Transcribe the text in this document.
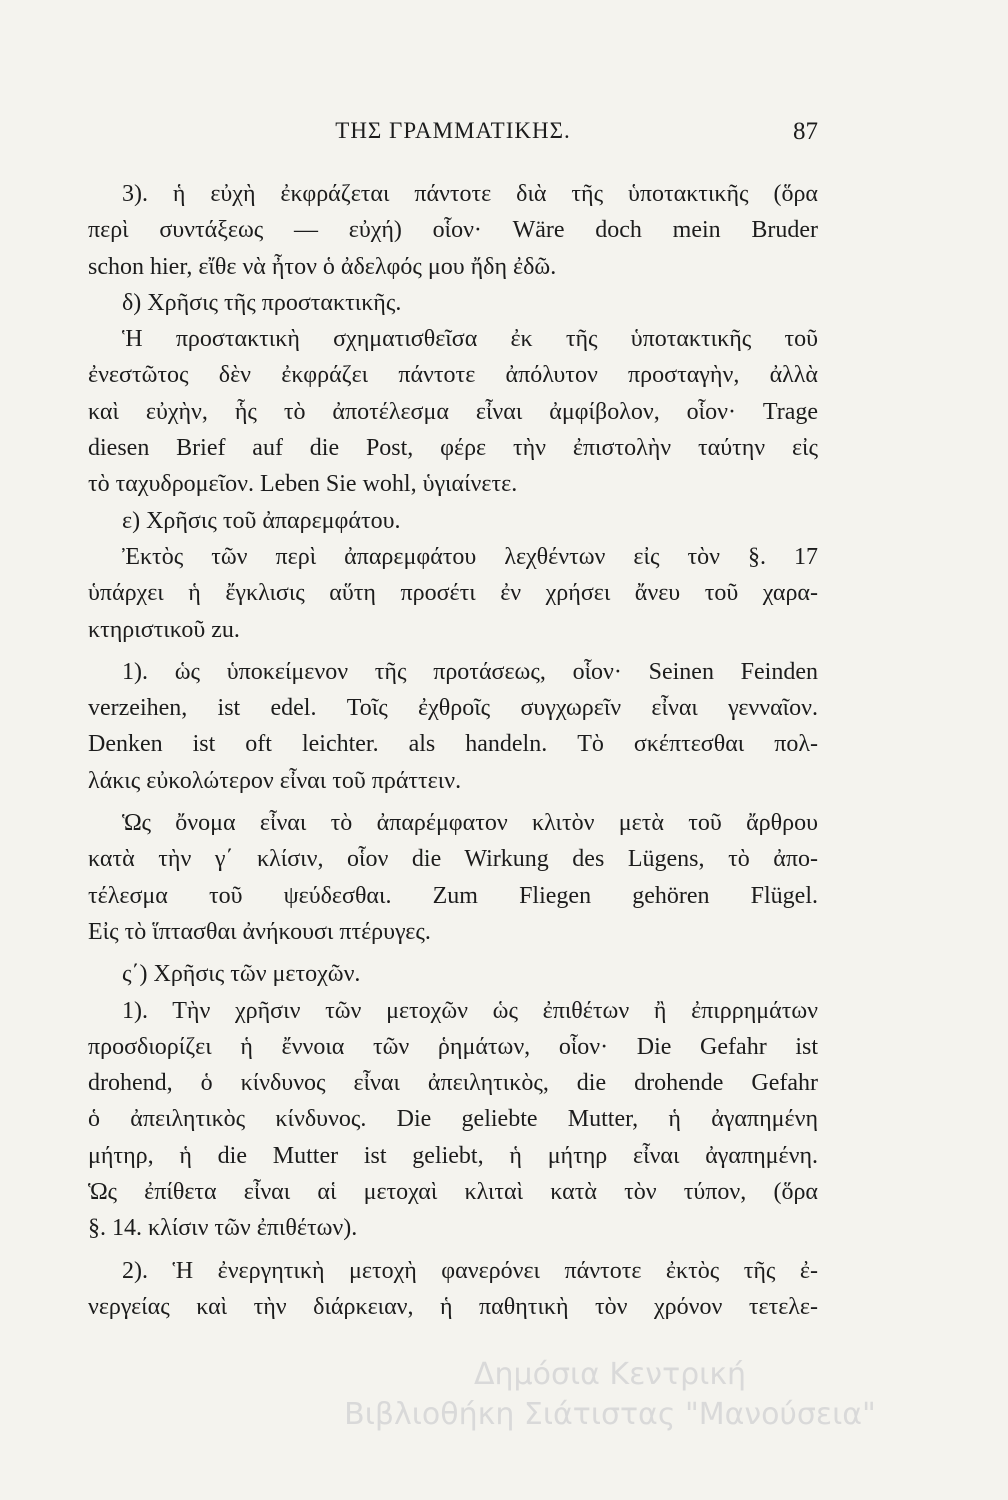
ΤΗΣ ΓΡΑΜΜΑΤΙΚΗΣ.	87
3). ἡ εὐχὴ ἐκφράζεται πάντοτε διὰ τῆς ὑποτακτικῆς (ὅρα
περὶ συντάξεως — εὐχή) οἷον· Wäre doch mein Bruder
schon hier, εἴθε νὰ ἦτον ὁ ἀδελφός μου ἤδη ἐδῶ.
δ) Χρῆσις τῆς προστακτικῆς.
Ἡ προστακτικὴ σχηματισθεῖσα ἐκ τῆς ὑποτακτικῆς τοῦ
ἐνεστῶτος δὲν ἐκφράζει πάντοτε ἀπόλυτον προσταγὴν, ἀλλὰ
καὶ εὐχὴν, ἧς τὸ ἀποτέλεσμα εἶναι ἀμφίβολον, οἷον· Trage
diesen Brief auf die Post, φέρε τὴν ἐπιστολὴν ταύτην εἰς
τὸ ταχυδρομεῖον. Leben Sie wohl, ὑγιαίνετε.
ε) Χρῆσις τοῦ ἀπαρεμφάτου.
Ἐκτὸς τῶν περὶ ἀπαρεμφάτου λεχθέντων εἰς τὸν §. 17
ὑπάρχει ἡ ἔγκλισις αὕτη προσέτι ἐν χρήσει ἄνευ τοῦ χαρα-
κτηριστικοῦ zu.
1). ὡς ὑποκείμενον τῆς προτάσεως, οἷον· Seinen Feinden
verzeihen, ist edel. Τοῖς ἐχθροῖς συγχωρεῖν εἶναι γενναῖον.
Denken ist oft leichter. als handeln. Τὸ σκέπτεσθαι πολ-
λάκις εὐκολώτερον εἶναι τοῦ πράττειν.
Ὡς ὄνομα εἶναι τὸ ἀπαρέμφατον κλιτὸν μετὰ τοῦ ἄρθρου
κατὰ τὴν γ΄ κλίσιν, οἷον die Wirkung des Lügens, τὸ ἀπο-
τέλεσμα τοῦ ψεύδεσθαι. Zum Fliegen gehören Flügel.
Εἰς τὸ ἵπτασθαι ἀνήκουσι πτέρυγες.
ς΄) Χρῆσις τῶν μετοχῶν.
1). Τὴν χρῆσιν τῶν μετοχῶν ὡς ἐπιθέτων ἢ ἐπιρρημάτων
προσδιορίζει ἡ ἔννοια τῶν ῥημάτων, οἷον· Die Gefahr ist
drohend, ὁ κίνδυνος εἶναι ἀπειλητικὸς, die drohende Gefahr
ὁ ἀπειλητικὸς κίνδυνος. Die geliebte Mutter, ἡ ἀγαπημένη
μήτηρ, ἡ die Mutter ist geliebt, ἡ μήτηρ εἶναι ἀγαπημένη.
Ὡς ἐπίθετα εἶναι αἱ μετοχαὶ κλιταὶ κατὰ τὸν τύπον, (ὅρα
§. 14. κλίσιν τῶν ἐπιθέτων).
2). Ἡ ἐνεργητικὴ μετοχὴ φανερόνει πάντοτε ἐκτὸς τῆς ἐ-
νεργείας καὶ τὴν διάρκειαν, ἡ παθητικὴ τὸν χρόνον τετελε-
Δημόσια Κεντρική
Βιβλιοθήκη Σιάτιστας "Μανούσεια"
